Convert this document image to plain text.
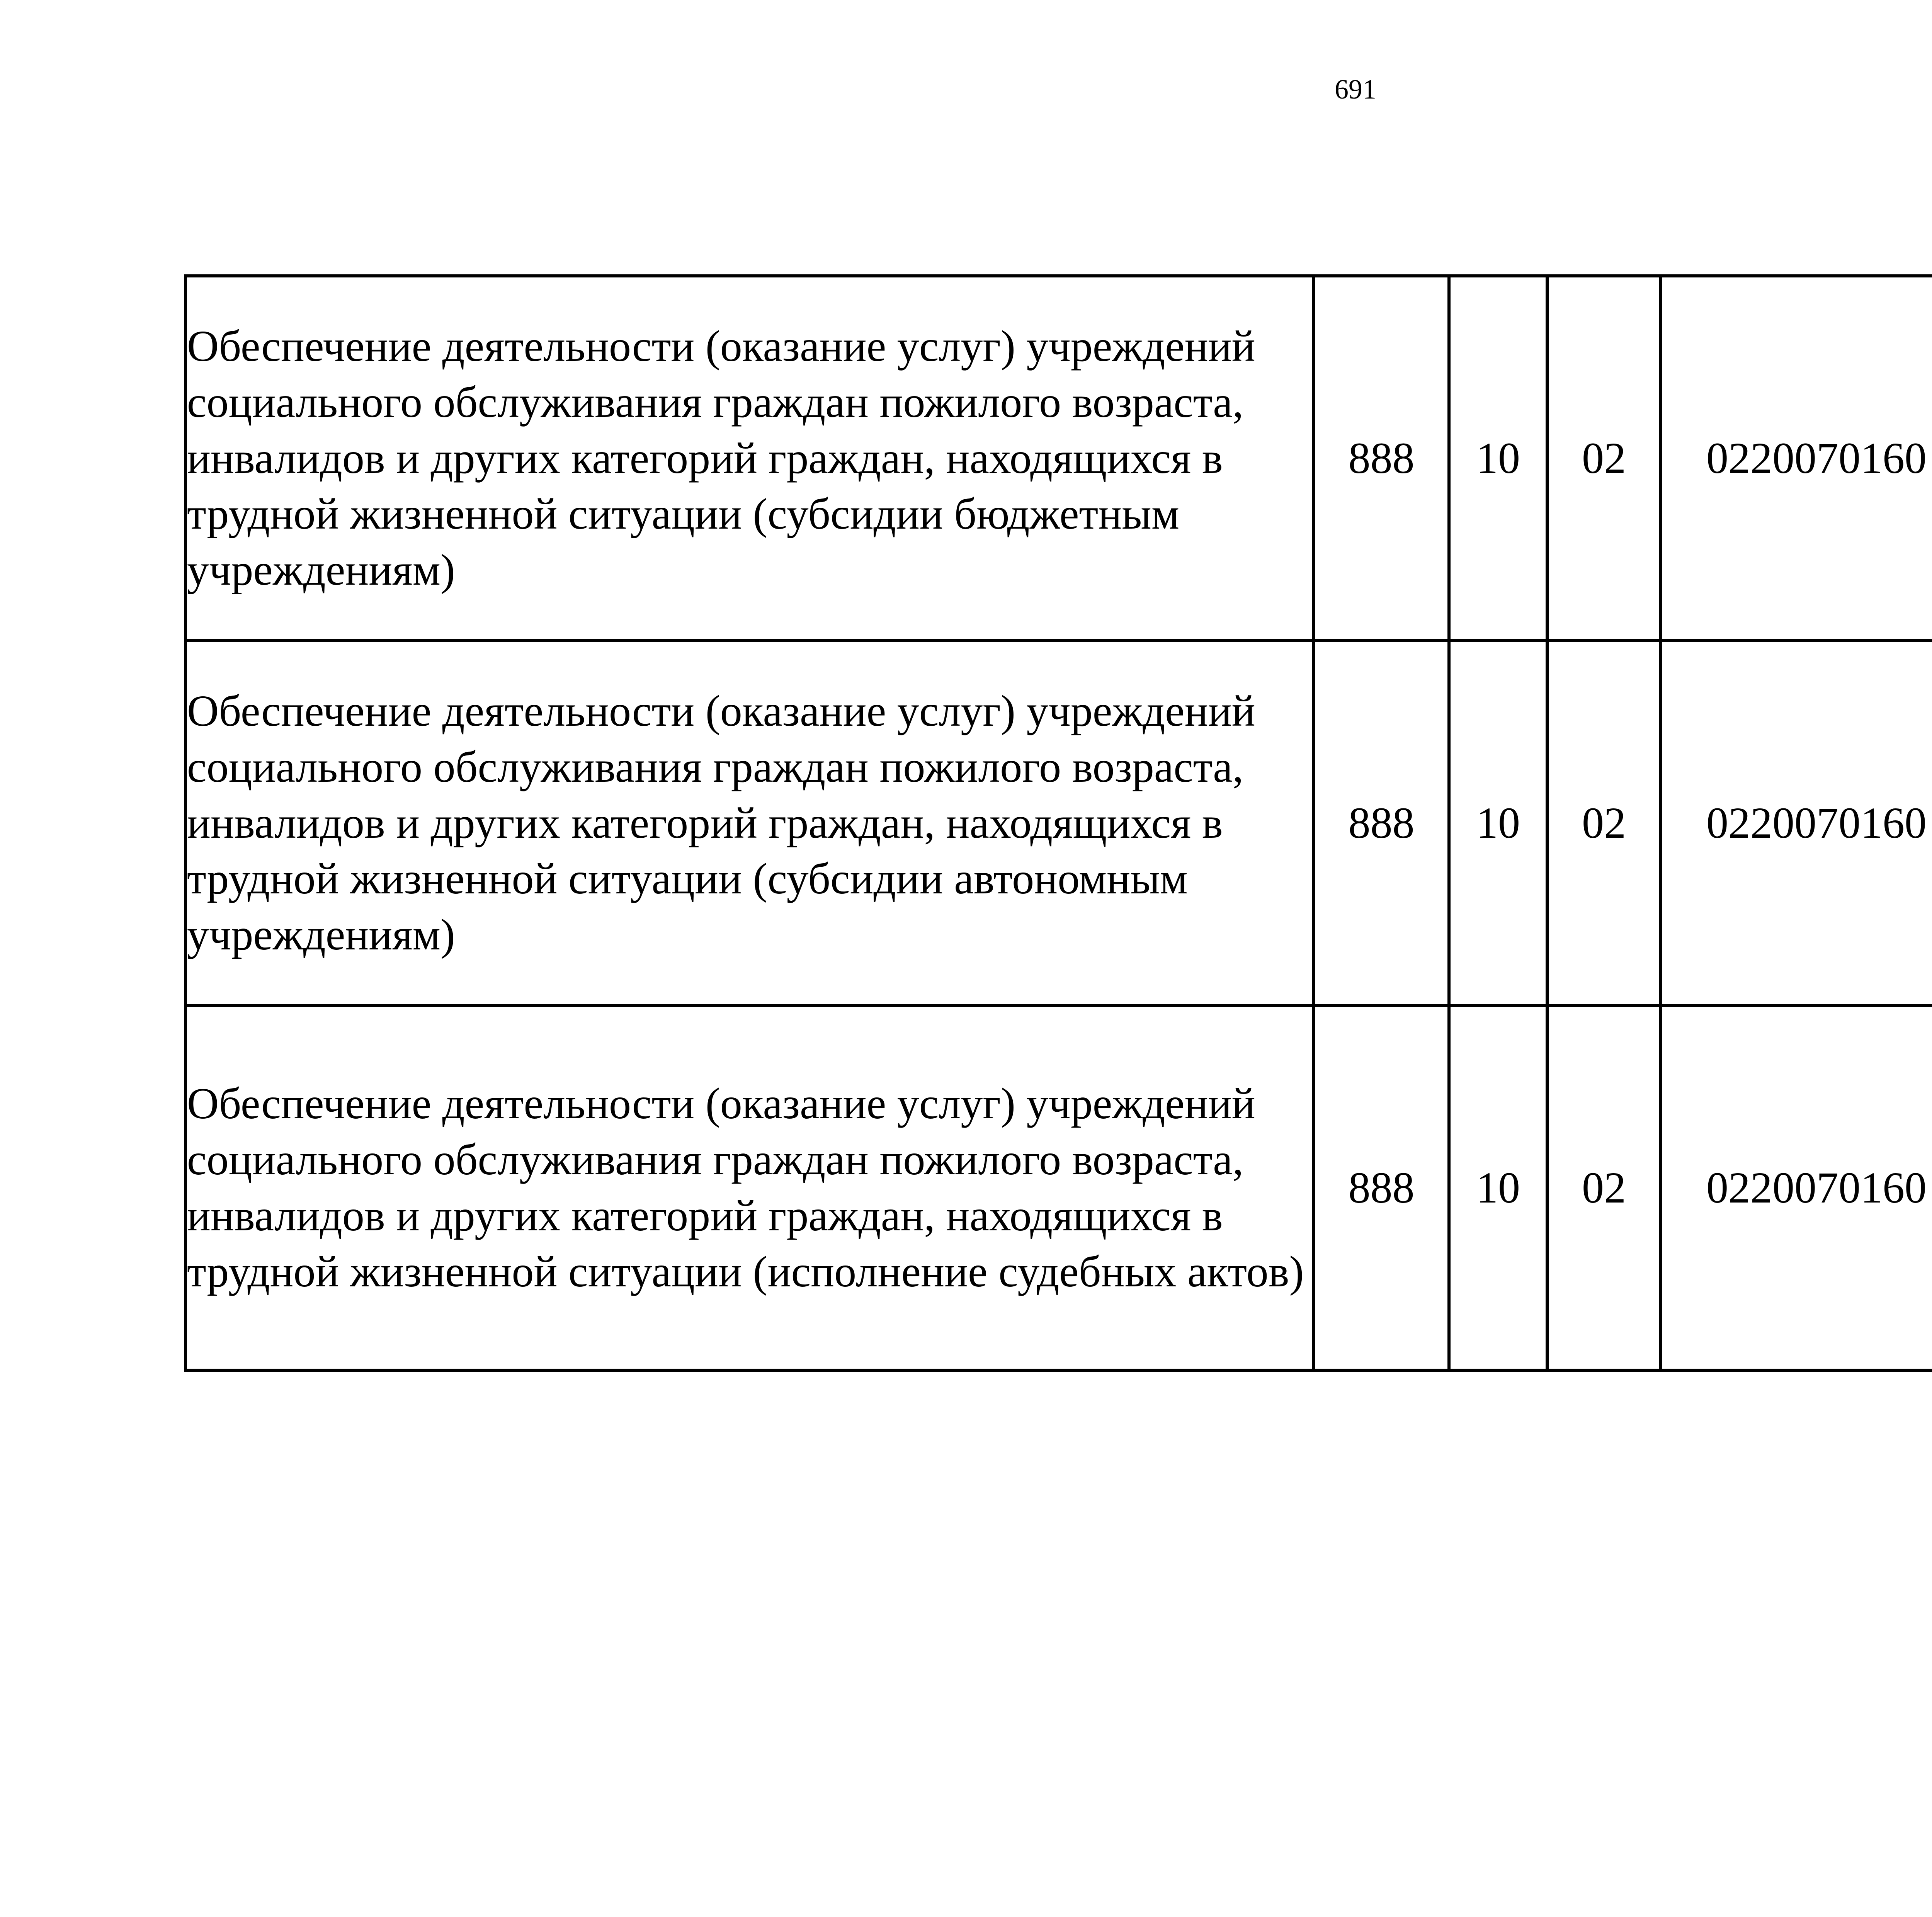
691
Обеспечение деятельности (оказание услуг) учреждений социального обслуживания граждан пожилого возраста, инвалидов и других категорий граждан, находящихся в трудной жизненной ситуации (субсидии бюджетным учреждениям)	888	10	02	0220070160		
Обеспечение деятельности (оказание услуг) учреждений социального обслуживания граждан пожилого возраста, инвалидов и других категорий граждан, находящихся в трудной жизненной ситуации (субсидии автономным учреждениям)	888	10	02	0220070160		
Обеспечение деятельности (оказание услуг) учреждений социального обслуживания граждан пожилого возраста, инвалидов и других категорий граждан, находящихся в трудной жизненной ситуации (исполнение судебных актов)	888	10	02	0220070160		
